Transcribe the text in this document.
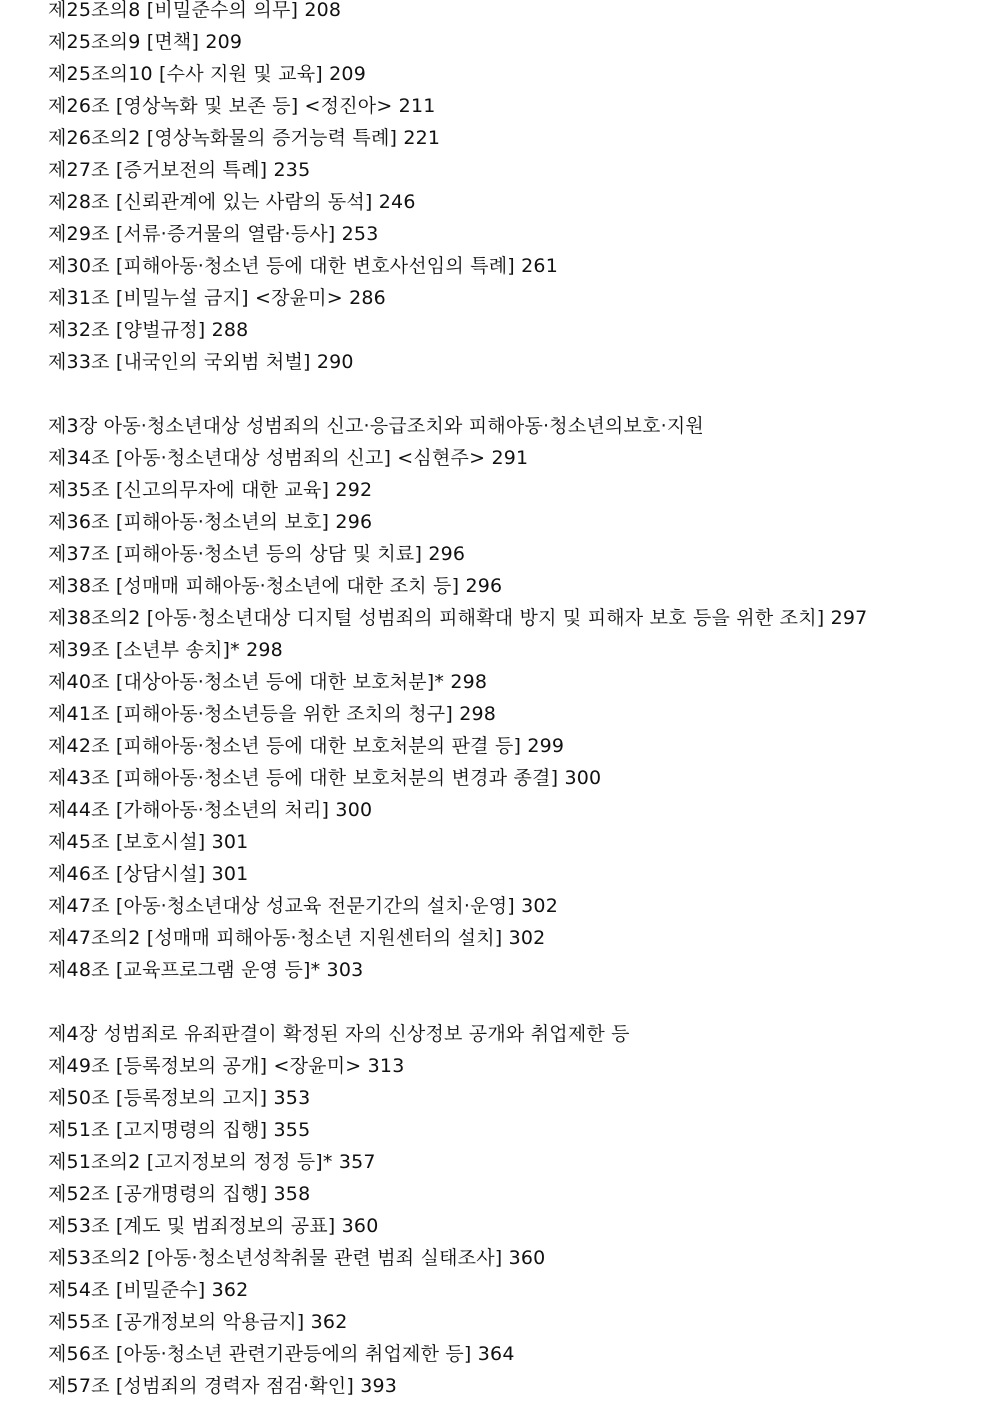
제25조의8 [비밀준수의 의무] 208
제25조의9 [면책] 209
제25조의10 [수사 지원 및 교육] 209
제26조 [영상녹화 및 보존 등] <정진아> 211
제26조의2 [영상녹화물의 증거능력 특례] 221
제27조 [증거보전의 특례] 235
제28조 [신뢰관계에 있는 사람의 동석] 246
제29조 [서류·증거물의 열람·등사] 253
제30조 [피해아동·청소년 등에 대한 변호사선임의 특례] 261
제31조 [비밀누설 금지] <장윤미> 286
제32조 [양벌규정] 288
제33조 [내국인의 국외범 처벌] 290
제3장 아동·청소년대상 성범죄의 신고·응급조치와 피해아동·청소년의보호·지원
제34조 [아동·청소년대상 성범죄의 신고] <심현주> 291
제35조 [신고의무자에 대한 교육] 292
제36조 [피해아동·청소년의 보호] 296
제37조 [피해아동·청소년 등의 상담 및 치료] 296
제38조 [성매매 피해아동·청소년에 대한 조치 등] 296
제38조의2 [아동·청소년대상 디지털 성범죄의 피해확대 방지 및 피해자 보호 등을 위한 조치] 297
제39조 [소년부 송치]* 298
제40조 [대상아동·청소년 등에 대한 보호처분]* 298
제41조 [피해아동·청소년등을 위한 조치의 청구] 298
제42조 [피해아동·청소년 등에 대한 보호처분의 판결 등] 299
제43조 [피해아동·청소년 등에 대한 보호처분의 변경과 종결] 300
제44조 [가해아동·청소년의 처리] 300
제45조 [보호시설] 301
제46조 [상담시설] 301
제47조 [아동·청소년대상 성교육 전문기간의 설치·운영] 302
제47조의2 [성매매 피해아동·청소년 지원센터의 설치] 302
제48조 [교육프로그램 운영 등]* 303
제4장 성범죄로 유죄판결이 확정된 자의 신상정보 공개와 취업제한 등
제49조 [등록정보의 공개] <장윤미> 313
제50조 [등록정보의 고지] 353
제51조 [고지명령의 집행] 355
제51조의2 [고지정보의 정정 등]* 357
제52조 [공개명령의 집행] 358
제53조 [계도 및 범죄정보의 공표] 360
제53조의2 [아동·청소년성착취물 관련 범죄 실태조사] 360
제54조 [비밀준수] 362
제55조 [공개정보의 악용금지] 362
제56조 [아동·청소년 관련기관등에의 취업제한 등] 364
제57조 [성범죄의 경력자 점검·확인] 393
